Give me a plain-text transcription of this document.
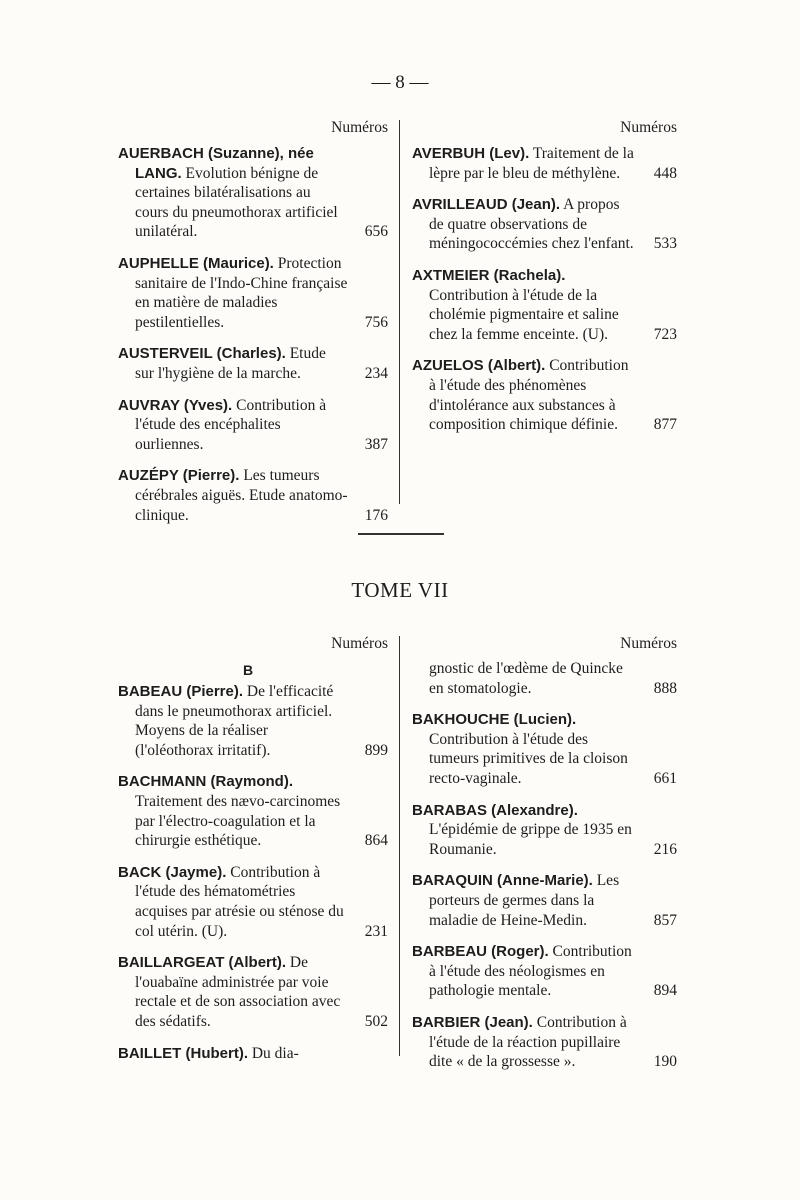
— 8 —
Numéros
AUERBACH (Suzanne), née LANG. Evolution bénigne de certaines bilatéralisations au cours du pneumothorax artificiel unilatéral.	656
AUPHELLE (Maurice). Protection sanitaire de l'Indo-Chine française en matière de maladies pestilentielles.	756
AUSTERVEIL (Charles). Etude sur l'hygiène de la marche.	234
AUVRAY (Yves). Contribution à l'étude des encéphalites ourliennes.	387
AUZÉPY (Pierre). Les tumeurs cérébrales aiguës. Etude anatomo-clinique.	176
Numéros
AVERBUH (Lev). Traitement de la lèpre par le bleu de méthylène.	448
AVRILLEAUD (Jean). A propos de quatre observations de méningococcémies chez l'enfant.	533
AXTMEIER (Rachela). Contribution à l'étude de la cholémie pigmentaire et saline chez la femme enceinte. (U).	723
AZUELOS (Albert). Contribution à l'étude des phénomènes d'intolérance aux substances à composition chimique définie.	877
TOME VII
Numéros
B
BABEAU (Pierre). De l'efficacité dans le pneumothorax artificiel. Moyens de la réaliser (l'oléothorax irritatif).	899
BACHMANN (Raymond). Traitement des nævo-carcinomes par l'électro-coagulation et la chirurgie esthétique.	864
BACK (Jayme). Contribution à l'étude des hématométries acquises par atrésie ou sténose du col utérin. (U).	231
BAILLARGEAT (Albert). De l'ouabaïne administrée par voie rectale et de son association avec des sédatifs.	502
BAILLET (Hubert). Du dia-
Numéros
gnostic de l'œdème de Quincke en stomatologie.	888
BAKHOUCHE (Lucien). Contribution à l'étude des tumeurs primitives de la cloison recto-vaginale.	661
BARABAS (Alexandre). L'épidémie de grippe de 1935 en Roumanie.	216
BARAQUIN (Anne-Marie). Les porteurs de germes dans la maladie de Heine-Medin.	857
BARBEAU (Roger). Contribution à l'étude des néologismes en pathologie mentale.	894
BARBIER (Jean). Contribution à l'étude de la réaction pupillaire dite « de la grossesse ».	190
